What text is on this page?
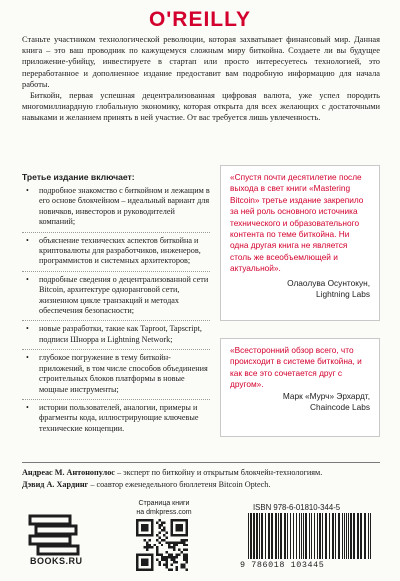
O'REILLY

Станьте участником технологической революции, которая захватывает финансовый мир. Данная книга – это ваш проводник по кажущемуся сложным миру биткойна. Создаете ли вы будущее приложение-убийцу, инвестируете в стартап или просто интересуетесь технологией, это переработанное и дополненное издание предоставит вам подробную информацию для начала работы.

Биткойн, первая успешная децентрализованная цифровая валюта, уже успел породить многомиллиардную глобальную экономику, которая открыта для всех желающих с достаточными навыками и желанием принять в ней участие. От вас требуется лишь увлеченность.

Третье издание включает:
• подробное знакомство с биткойном и лежащим в его основе блокчейном – идеальный вариант для новичков, инвесторов и руководителей компаний;
• объяснение технических аспектов биткойна и криптовалюты для разработчиков, инженеров, программистов и системных архитекторов;
• подробные сведения о децентрализованной сети Bitcoin, архитектуре одноранговой сети, жизненном цикле транзакций и методах обеспечения безопасности;
• новые разработки, такие как Taproot, Tapscript, подписи Шнорра и Lightning Network;
• глубокое погружение в тему биткойн-приложений, в том числе способов объединения строительных блоков платформы в новые мощные инструменты;
• истории пользователей, аналогии, примеры и фрагменты кода, иллюстрирующие ключевые технические концепции.
«Спустя почти десятилетие после выхода в свет книги «Mastering Bitcoin» третье издание закрепило за ней роль основного источника технического и образовательного контента по теме биткойна. Ни одна другая книга не является столь же всеобъемлющей и актуальной».
Олаолува Осунтокун,
Lightning Labs
«Всесторонний обзор всего, что происходит в системе биткойна, и как все это сочетается друг с другом».
Марк «Мурч» Эрхардт,
Chaincode Labs
Андреас М. Антонопулос – эксперт по биткойну и открытым блокчейн-технологиям.
Дэвид А. Хардинг – соавтор еженедельного бюллетеня Bitcoin Optech.
BOOKS.RU
Страница книги
на dmkpress.com	ISBN 978-6-01810-344-5
9 786018 103445
